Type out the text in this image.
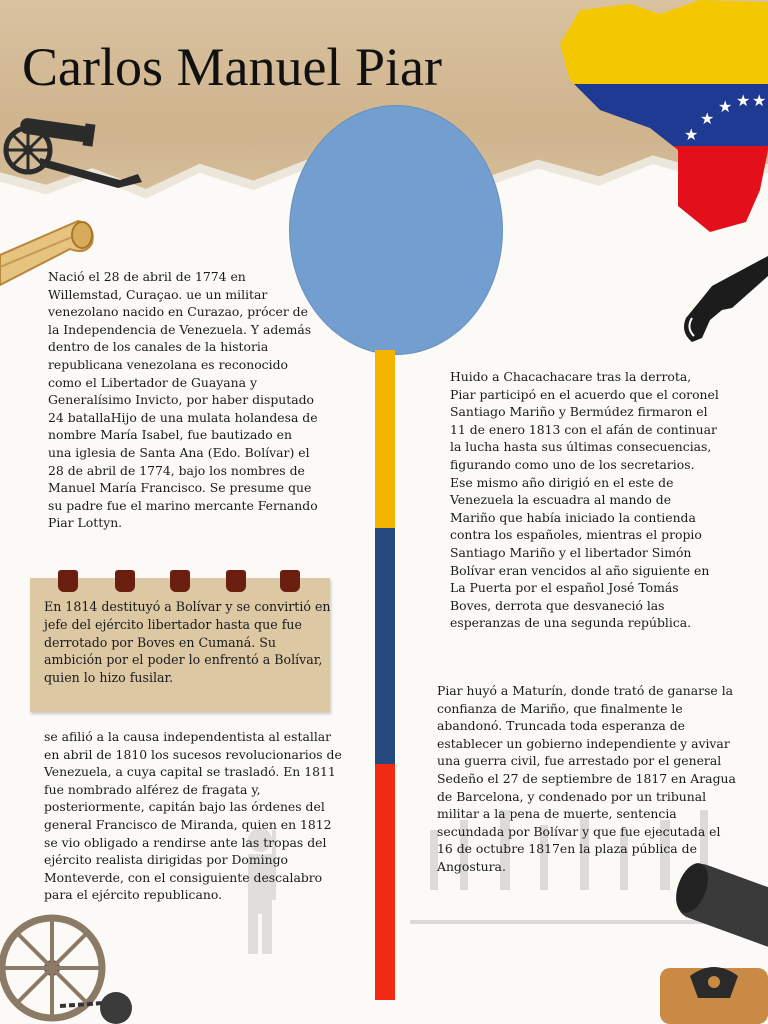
Carlos Manuel Piar
★
★
★ ★ ★
Nació el 28 de abril de 1774 en Willemstad, Curaçao. ue un militar venezolano nacido en Curazao, prócer de la Independencia de Venezuela. Y además dentro de los canales de la historia republicana venezolana es reconocido como el Libertador de Guayana y Generalísimo Invicto, por haber disputado 24 batallaHijo de una mulata holandesa de nombre María Isabel, fue bautizado en una iglesia de Santa Ana (Edo. Bolívar) el 28 de abril de 1774, bajo los nombres de Manuel María Francisco. Se presume que su padre fue el marino mercante Fernando Piar Lottyn.
En 1814 destituyó a Bolívar y se convirtió en jefe del ejército libertador hasta que fue derrotado por Boves en Cumaná. Su ambición por el poder lo enfrentó a Bolívar, quien lo hizo fusilar.
se afilió a la causa independentista al estallar en abril de 1810 los sucesos revolucionarios de Venezuela, a cuya capital se trasladó. En 1811 fue nombrado alférez de fragata y, posteriormente, capitán bajo las órdenes del general Francisco de Miranda, quien en 1812 se vio obligado a rendirse ante las tropas del ejército realista dirigidas por Domingo Monteverde, con el consiguiente descalabro para el ejército republicano.
Huido a Chacachacare tras la derrota, Piar participó en el acuerdo que el coronel Santiago Mariño y Bermúdez firmaron el 11 de enero 1813 con el afán de continuar la lucha hasta sus últimas consecuencias, figurando como uno de los secretarios. Ese mismo año dirigió en el este de Venezuela la escuadra al mando de Mariño que había iniciado la contienda contra los españoles, mientras el propio Santiago Mariño y el libertador Simón Bolívar eran vencidos al año siguiente en La Puerta por el español José Tomás Boves, derrota que desvaneció las esperanzas de una segunda república.
Piar huyó a Maturín, donde trató de ganarse la confianza de Mariño, que finalmente le abandonó. Truncada toda esperanza de establecer un gobierno independiente y avivar una guerra civil, fue arrestado por el general Sedeño el 27 de septiembre de 1817 en Aragua de Barcelona, y condenado por un tribunal militar a la pena de muerte, sentencia secundada por Bolívar y que fue ejecutada el 16 de octubre 1817en la plaza pública de Angostura.
